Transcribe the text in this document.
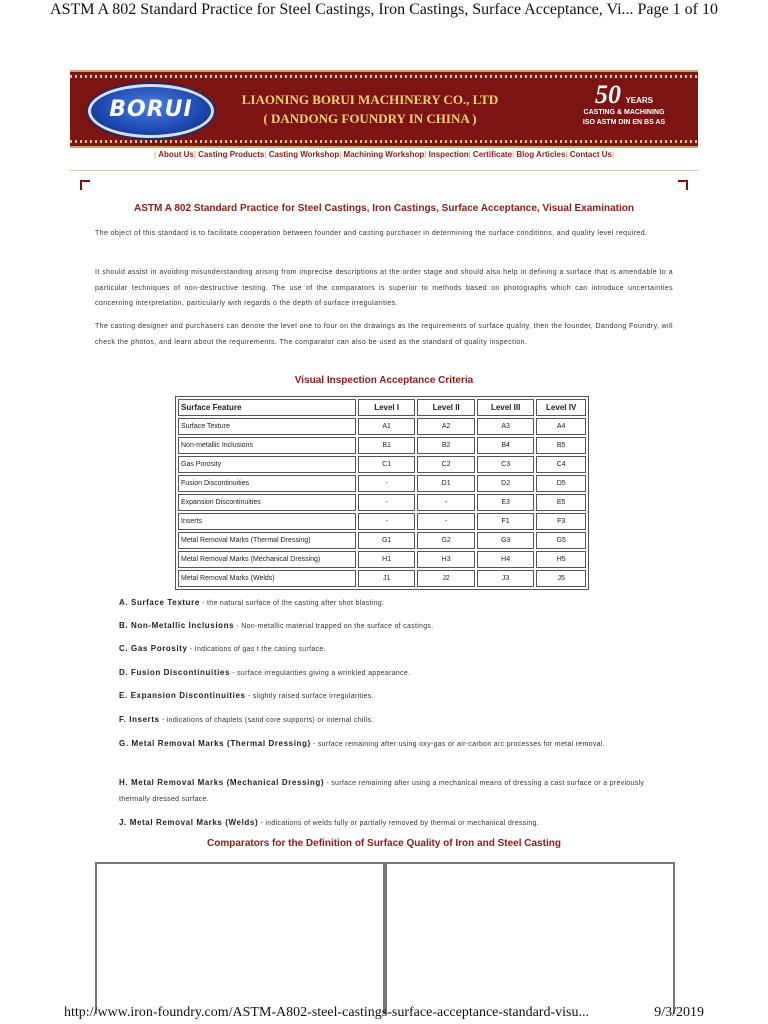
ASTM A 802 Standard Practice for Steel Castings, Iron Castings, Surface Acceptance, Vi... Page 1 of 10
BORUI	LIAONING BORUI MACHINERY CO., LTD
( DANDONG FOUNDRY IN CHINA )
50 YEARS
CASTING & MACHINING
ISO ASTM DIN EN BS AS
| About Us| Casting Products| Casting Workshop| Machining Workshop| Inspection| Certificate| Blog Articles| Contact Us|
ASTM A 802 Standard Practice for Steel Castings, Iron Castings, Surface Acceptance, Visual Examination
The object of this standard is to facilitate cooperation between founder and casting purchaser in determining the surface conditions, and quality level required.
It should assist in avoiding misunderstanding arising from imprecise descriptions at the order stage and should also help in defining a surface that is amendable to a particular techniques of non-destructive testing. The use of the comparators is superior to methods based on photographs which can introduce uncertainties concerning interpretation, particularly with regards o the depth of surface irregularities.
The casting designer and purchasers can denote the level one to four on the drawings as the requirements of surface quality, then the founder, Dandong Foundry, will check the photos, and learn about the requirements. The comparator can also be used as the standard of quality inspection.
Visual Inspection Acceptance Criteria
Surface Feature	Level I	Level II	Level III	Level IV
Surface Texture	A1	A2	A3	A4
Non-metallic Inclusions	B1	B2	B4	B5
Gas Porosity	C1	C2	C3	C4
Fusion Discontinuities	-	D1	D2	D5
Expansion Discontinuities	-	-	E3	E5
Inserts	-	-	F1	F3
Metal Removal Marks (Thermal Dressing)	G1	G2	G3	G5
Metal Removal Marks (Mechanical Dressing)	H1	H3	H4	H5
Metal Removal Marks (Welds)	J1	J2	J3	J5
A. Surface Texture - the natural surface of the casting after shot blasting.
B. Non-Metallic Inclusions - Non-metallic material trapped on the surface of castings.
C. Gas Porosity - Indications of gas t the casing surface.
D. Fusion Discontinuities - surface irregularities giving a wrinkled appearance.
E. Expansion Discontinuities - slightly raised surface irregularities.
F. Inserts - indications of chaplets (sand core supports) or internal chills.
G. Metal Removal Marks (Thermal Dressing) - surface remaining after using oxy-gas or air-carbon arc processes for metal removal.
H. Metal Removal Marks (Mechanical Dressing) - surface remaining after using a mechanical means of dressing a cast surface or a previously thermally dressed surface.
J. Metal Removal Marks (Welds) - indications of welds fully or partially removed by thermal or mechanical dressing.
Comparators for the Definition of Surface Quality of Iron and Steel Casting
http://www.iron-foundry.com/ASTM-A802-steel-castings-surface-acceptance-standard-visu...	9/3/2019
